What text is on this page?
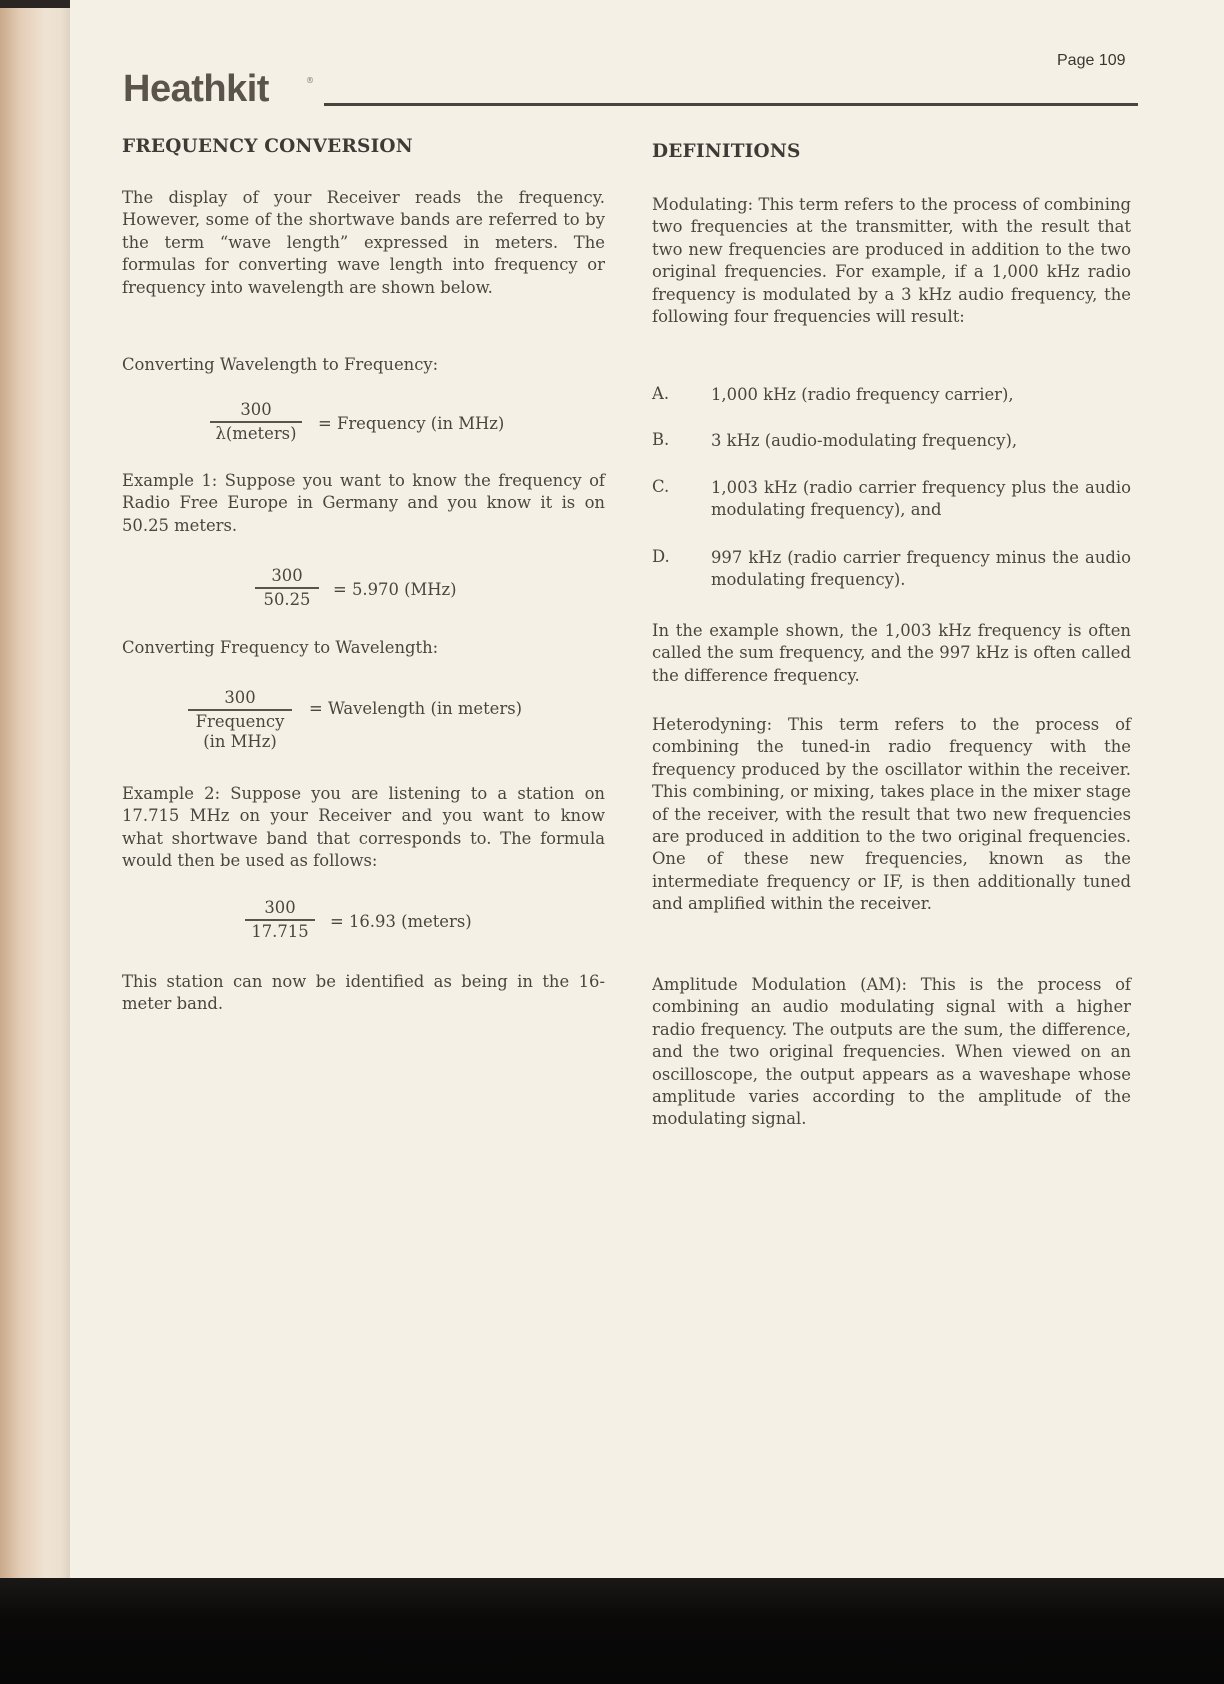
Page 109
Heathkit	®
FREQUENCY CONVERSION

The display of your Receiver reads the frequency. However, some of the shortwave bands are referred to by the term “wave length” expressed in meters. The formulas for converting wave length into frequency or frequency into wavelength are shown below.

Converting Wavelength to Frequency:

300
λ(meters)	= Frequency (in MHz)

Example 1: Suppose you want to know the frequency of Radio Free Europe in Germany and you know it is on 50.25 meters.

300
50.25	= 5.970 (MHz)

Converting Frequency to Wavelength:

300
Frequency
(in MHz)
= Wavelength (in meters)

Example 2: Suppose you are listening to a station on 17.715 MHz on your Receiver and you want to know what shortwave band that corresponds to. The formula would then be used as follows:

300
17.715	= 16.93 (meters)

This station can now be identified as being in the 16-meter band.

DEFINITIONS

Modulating: This term refers to the process of combining two frequencies at the transmitter, with the result that two new frequencies are produced in addition to the two original frequencies. For example, if a 1,000 kHz radio frequency is modulated by a 3 kHz audio frequency, the following four frequencies will result:

A.	1,000 kHz (radio frequency carrier),

B.	3 kHz (audio-modulating frequency),

C.	1,003 kHz (radio carrier frequency plus the audio modulating frequency), and

D.	997 kHz (radio carrier frequency minus the audio modulating frequency).

In the example shown, the 1,003 kHz frequency is often called the sum frequency, and the 997 kHz is often called the difference frequency.

Heterodyning: This term refers to the process of combining the tuned-in radio frequency with the frequency produced by the oscillator within the receiver. This combining, or mixing, takes place in the mixer stage of the receiver, with the result that two new frequencies are produced in addition to the two original frequencies. One of these new frequencies, known as the intermediate frequency or IF, is then additionally tuned and amplified within the receiver.

Amplitude Modulation (AM): This is the process of combining an audio modulating signal with a higher radio frequency. The outputs are the sum, the difference, and the two original frequencies. When viewed on an oscilloscope, the output appears as a waveshape whose amplitude varies according to the amplitude of the modulating signal.
